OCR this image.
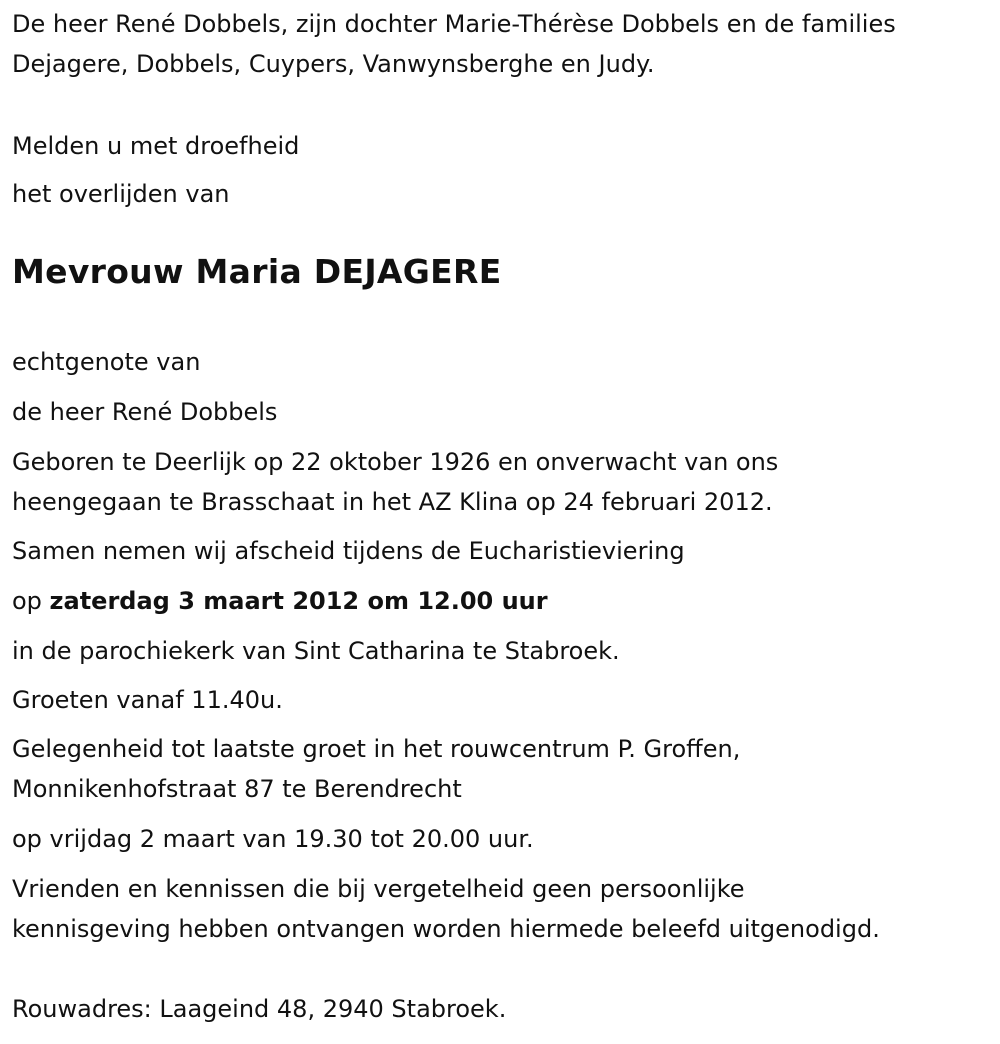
De heer René Dobbels, zijn dochter Marie-Thérèse Dobbels en de families
Dejagere, Dobbels, Cuypers, Vanwynsberghe en Judy.

Melden u met droefheid

het overlijden van

Mevrouw Maria DEJAGERE

echtgenote van

de heer René Dobbels

Geboren te Deerlijk op 22 oktober 1926 en onverwacht van ons
heengegaan te Brasschaat in het AZ Klina op 24 februari 2012.

Samen nemen wij afscheid tijdens de Eucharistieviering

op zaterdag 3 maart 2012 om 12.00 uur

in de parochiekerk van Sint Catharina te Stabroek.

Groeten vanaf 11.40u.

Gelegenheid tot laatste groet in het rouwcentrum P. Groffen,
Monnikenhofstraat 87 te Berendrecht

op vrijdag 2 maart van 19.30 tot 20.00 uur.

Vrienden en kennissen die bij vergetelheid geen persoonlijke
kennisgeving hebben ontvangen worden hiermede beleefd uitgenodigd.

Rouwadres: Laageind 48, 2940 Stabroek.
